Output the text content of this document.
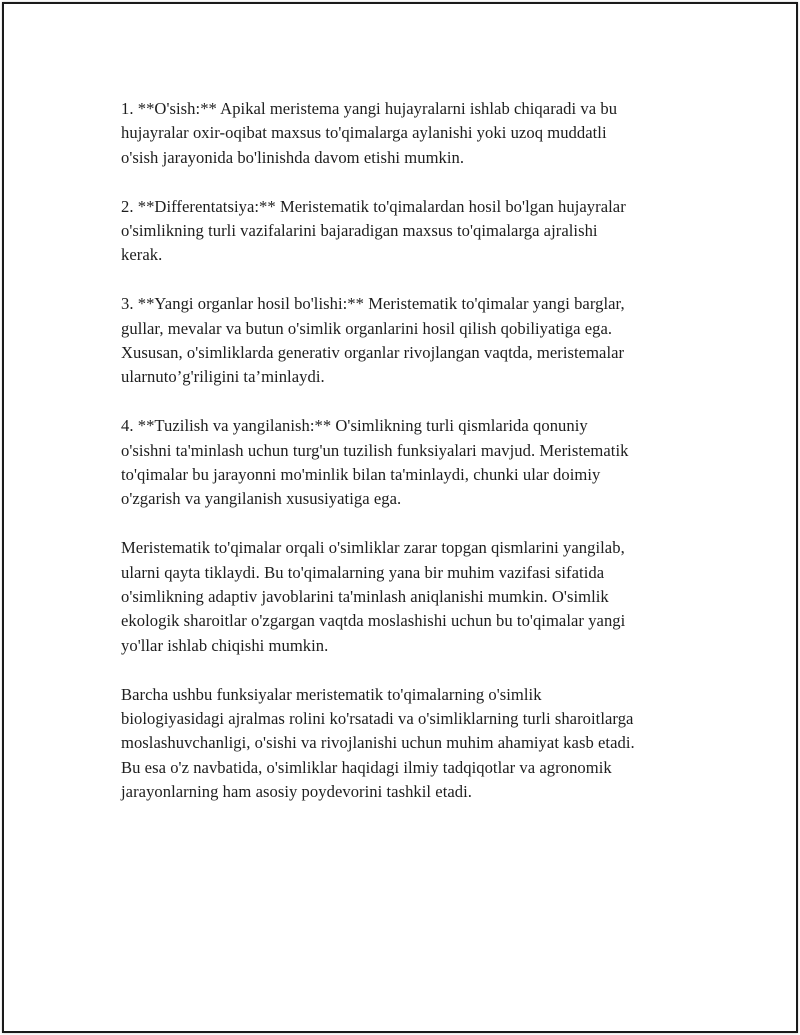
1. **O'sish:** Apikal meristema yangi hujayralarni ishlab chiqaradi va bu
hujayralar oxir-oqibat maxsus to'qimalarga aylanishi yoki uzoq muddatli
o'sish jarayonida bo'linishda davom etishi mumkin.

2. **Differentatsiya:** Meristematik to'qimalardan hosil bo'lgan hujayralar
o'simlikning turli vazifalarini bajaradigan maxsus to'qimalarga ajralishi
kerak.

3. **Yangi organlar hosil bo'lishi:** Meristematik to'qimalar yangi barglar,
gullar, mevalar va butun o'simlik organlarini hosil qilish qobiliyatiga ega.
Xususan, o'simliklarda generativ organlar rivojlangan vaqtda, meristemalar
ularnuto’g'riligini ta’minlaydi.

4. **Tuzilish va yangilanish:** O'simlikning turli qismlarida qonuniy
o'sishni ta'minlash uchun turg'un tuzilish funksiyalari mavjud. Meristematik
to'qimalar bu jarayonni mo'minlik bilan ta'minlaydi, chunki ular doimiy
o'zgarish va yangilanish xususiyatiga ega.

Meristematik to'qimalar orqali o'simliklar zarar topgan qismlarini yangilab,
ularni qayta tiklaydi. Bu to'qimalarning yana bir muhim vazifasi sifatida
o'simlikning adaptiv javoblarini ta'minlash aniqlanishi mumkin. O'simlik
ekologik sharoitlar o'zgargan vaqtda moslashishi uchun bu to'qimalar yangi
yo'llar ishlab chiqishi mumkin.

Barcha ushbu funksiyalar meristematik to'qimalarning o'simlik
biologiyasidagi ajralmas rolini ko'rsatadi va o'simliklarning turli sharoitlarga
moslashuvchanligi, o'sishi va rivojlanishi uchun muhim ahamiyat kasb etadi.
Bu esa o'z navbatida, o'simliklar haqidagi ilmiy tadqiqotlar va agronomik
jarayonlarning ham asosiy poydevorini tashkil etadi.
